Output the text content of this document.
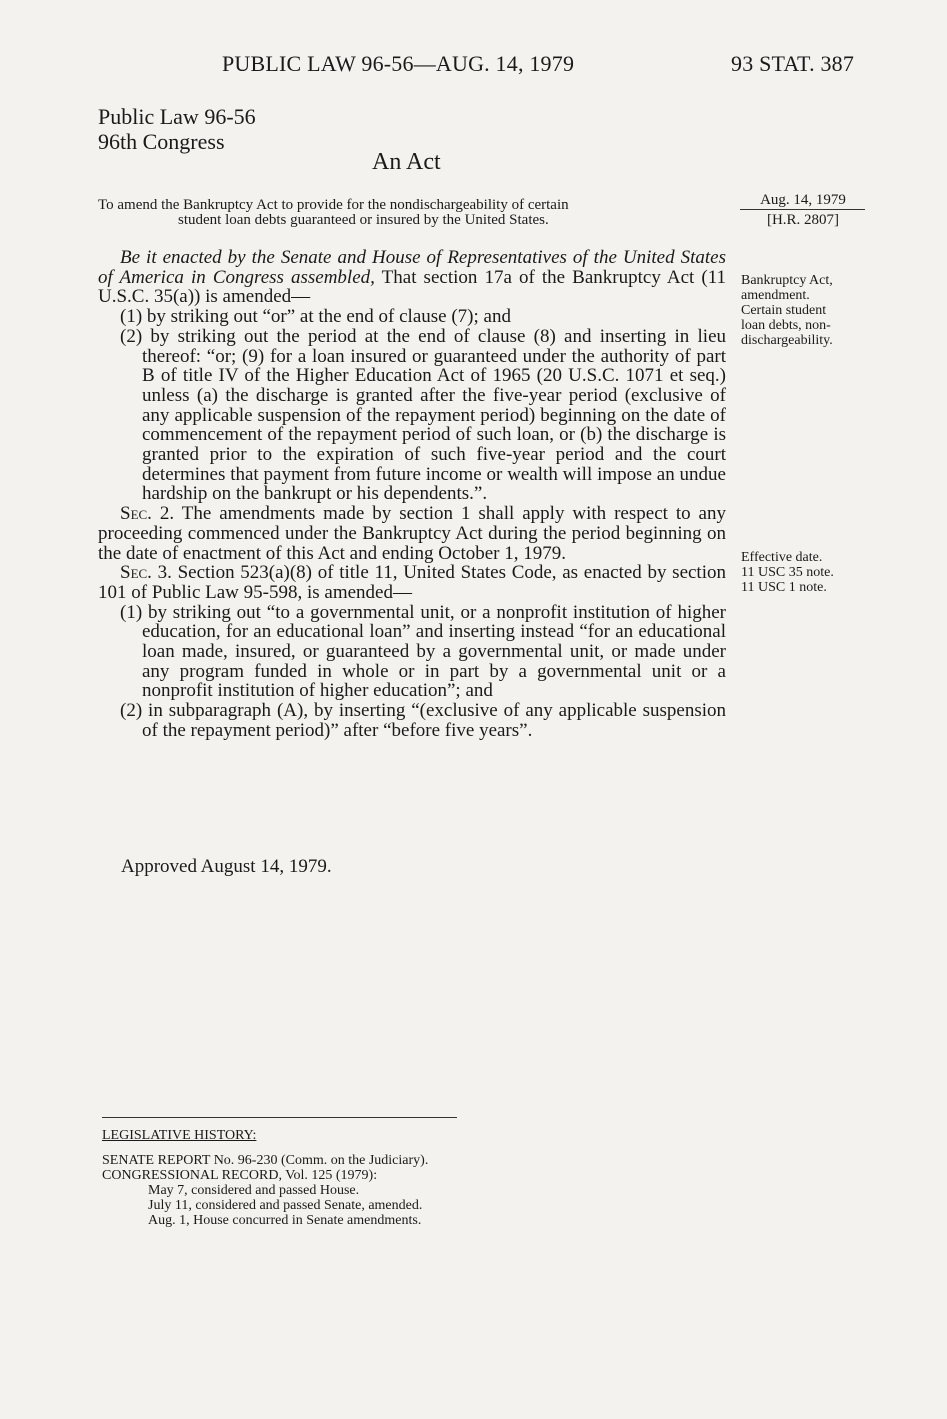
PUBLIC LAW 96-56—AUG. 14, 1979	93 STAT. 387
Public Law 96-56
96th Congress
An Act
To amend the Bankruptcy Act to provide for the nondischargeability of certain
student loan debts guaranteed or insured by the United States.
Aug. 14, 1979
[H.R. 2807]
Bankruptcy Act,
amendment.
Certain student
loan debts, non-
dischargeability.
Effective date.
11 USC 35 note.
11 USC 1 note.

Be it enacted by the Senate and House of Representatives of the United States of America in Congress assembled, That section 17a of the Bankruptcy Act (11 U.S.C. 35(a)) is amended—

(1) by striking out “or” at the end of clause (7); and

(2) by striking out the period at the end of clause (8) and inserting in lieu thereof: “or; (9) for a loan insured or guaranteed under the authority of part B of title IV of the Higher Education Act of 1965 (20 U.S.C. 1071 et seq.) unless (a) the discharge is granted after the five-year period (exclusive of any applicable suspension of the repayment period) beginning on the date of commencement of the repayment period of such loan, or (b) the discharge is granted prior to the expiration of such five-year period and the court determines that payment from future income or wealth will impose an undue hardship on the bankrupt or his dependents.”.

Sec. 2. The amendments made by section 1 shall apply with respect to any proceeding commenced under the Bankruptcy Act during the period beginning on the date of enactment of this Act and ending October 1, 1979.

Sec. 3. Section 523(a)(8) of title 11, United States Code, as enacted by section 101 of Public Law 95-598, is amended—

(1) by striking out “to a governmental unit, or a nonprofit institution of higher education, for an educational loan” and inserting instead “for an educational loan made, insured, or guaranteed by a governmental unit, or made under any program funded in whole or in part by a governmental unit or a nonprofit institution of higher education”; and

(2) in subparagraph (A), by inserting “(exclusive of any applicable suspension of the repayment period)” after “before five years”.

Approved August 14, 1979.
LEGISLATIVE HISTORY:
SENATE REPORT No. 96-230 (Comm. on the Judiciary).
CONGRESSIONAL RECORD, Vol. 125 (1979):
May 7, considered and passed House.
July 11, considered and passed Senate, amended.
Aug. 1, House concurred in Senate amendments.
